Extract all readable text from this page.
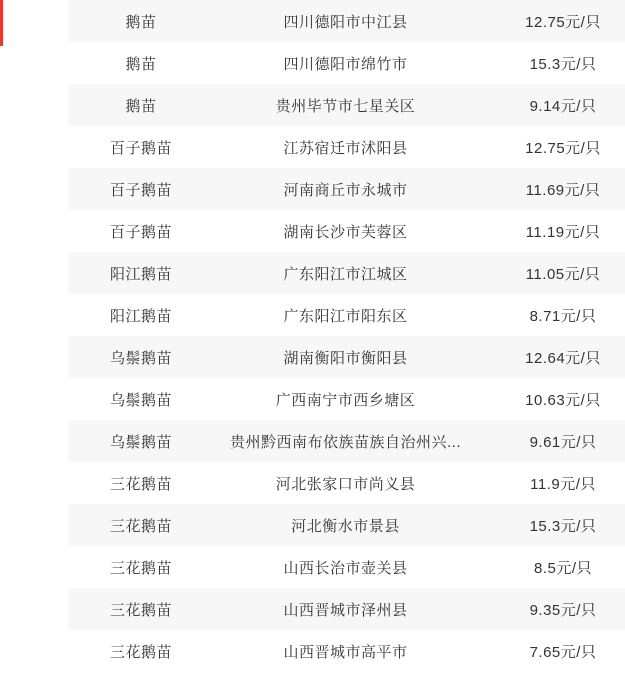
鹅苗	四川德阳市中江县	12.75元/只
鹅苗	四川德阳市绵竹市	15.3元/只
鹅苗	贵州毕节市七星关区	9.14元/只
百子鹅苗	江苏宿迁市沭阳县	12.75元/只
百子鹅苗	河南商丘市永城市	11.69元/只
百子鹅苗	湖南长沙市芙蓉区	11.19元/只
阳江鹅苗	广东阳江市江城区	11.05元/只
阳江鹅苗	广东阳江市阳东区	8.71元/只
乌鬃鹅苗	湖南衡阳市衡阳县	12.64元/只
乌鬃鹅苗	广西南宁市西乡塘区	10.63元/只
乌鬃鹅苗	贵州黔西南布依族苗族自治州兴...	9.61元/只
三花鹅苗	河北张家口市尚义县	11.9元/只
三花鹅苗	河北衡水市景县	15.3元/只
三花鹅苗	山西长治市壶关县	8.5元/只
三花鹅苗	山西晋城市泽州县	9.35元/只
三花鹅苗	山西晋城市高平市	7.65元/只
